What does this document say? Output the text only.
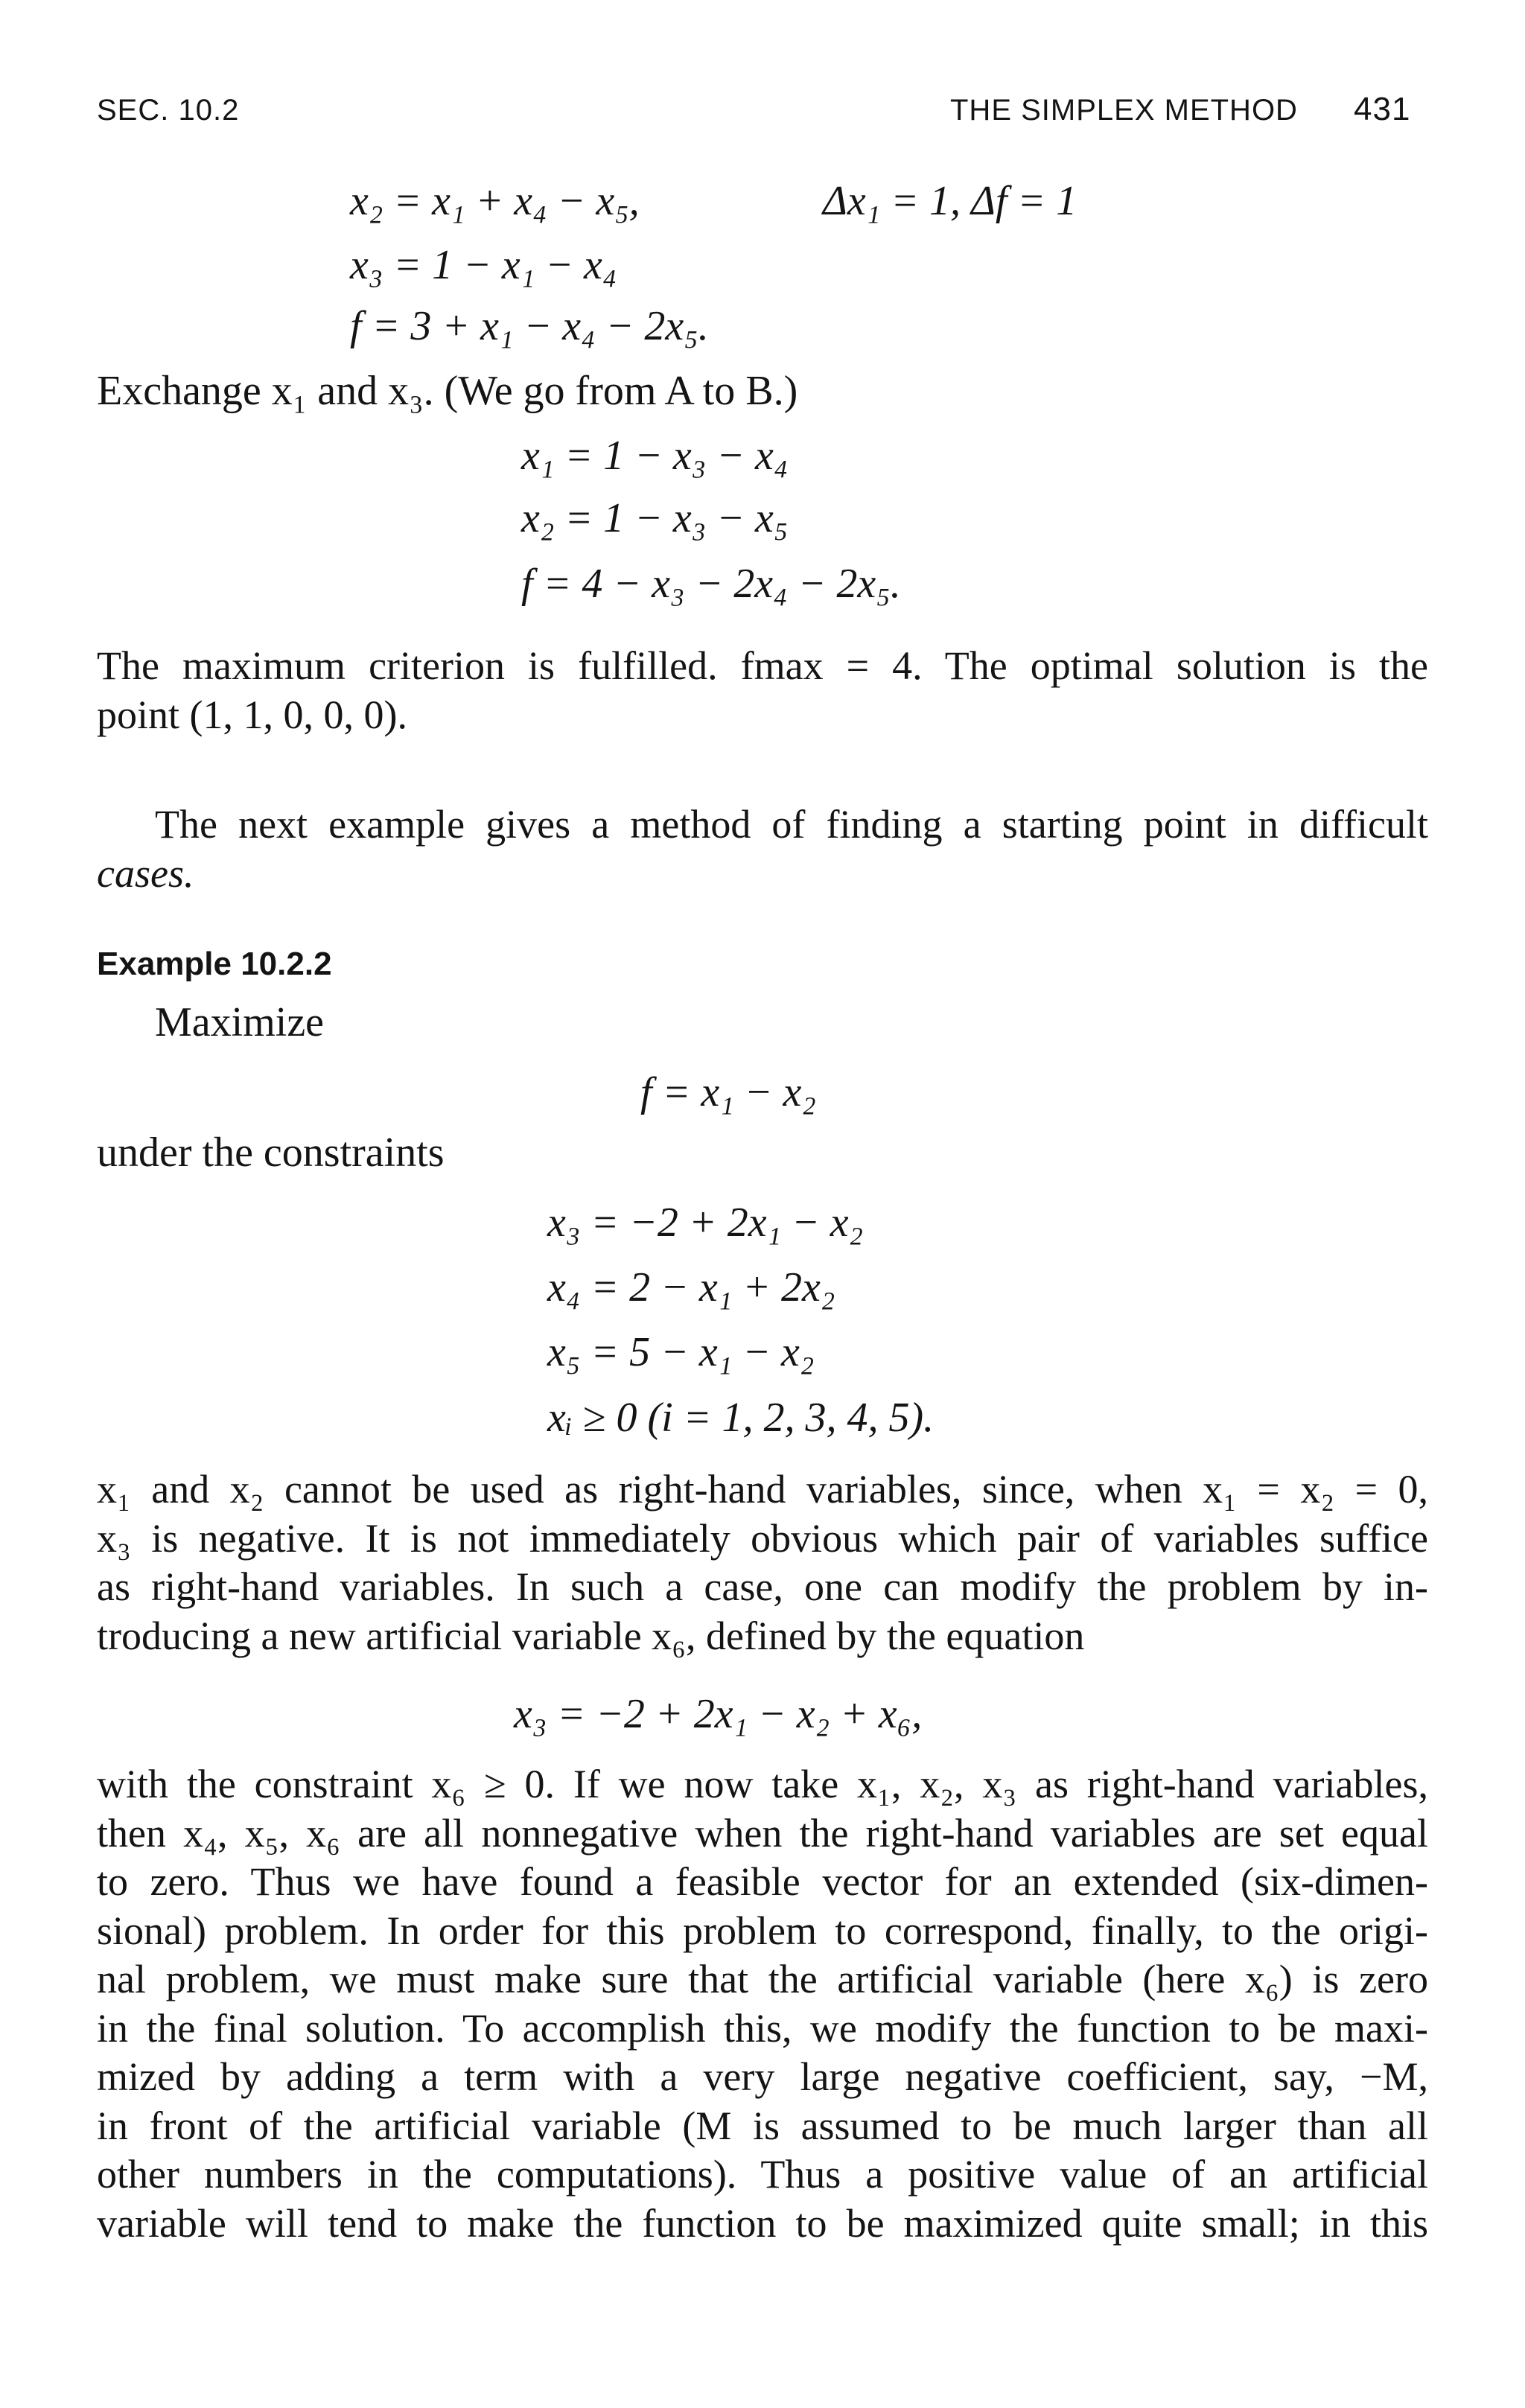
SEC. 10.2	THE SIMPLEX METHOD 431
x₂ = x₁ + x₄ − x₅,	Δx₁ = 1, Δf = 1
x₃ = 1 − x₁ − x₄
f = 3 + x₁ − x₄ − 2x₅.
Exchange x₁ and x₃. (We go from A to B.)
x₁ = 1 − x₃ − x₄
x₂ = 1 − x₃ − x₅
f = 4 − x₃ − 2x₄ − 2x₅.
The maximum criterion is fulfilled. fmax = 4. The optimal solution is the
point (1, 1, 0, 0, 0).
The next example gives a method of finding a starting point in difficult
cases.
Example 10.2.2
Maximize
f = x₁ − x₂
under the constraints
x₃ = −2 + 2x₁ − x₂
x₄ = 2 − x₁ + 2x₂
x₅ = 5 − x₁ − x₂
xᵢ ≥ 0 (i = 1, 2, 3, 4, 5).
x₁ and x₂ cannot be used as right-hand variables, since, when x₁ = x₂ = 0,
x₃ is negative. It is not immediately obvious which pair of variables suffice
as right-hand variables. In such a case, one can modify the problem by in-
troducing a new artificial variable x₆, defined by the equation
x₃ = −2 + 2x₁ − x₂ + x₆,
with the constraint x₆ ≥ 0. If we now take x₁, x₂, x₃ as right-hand variables,
then x₄, x₅, x₆ are all nonnegative when the right-hand variables are set equal
to zero. Thus we have found a feasible vector for an extended (six-dimen-
sional) problem. In order for this problem to correspond, finally, to the origi-
nal problem, we must make sure that the artificial variable (here x₆) is zero
in the final solution. To accomplish this, we modify the function to be maxi-
mized by adding a term with a very large negative coefficient, say, −M,
in front of the artificial variable (M is assumed to be much larger than all
other numbers in the computations). Thus a positive value of an artificial
variable will tend to make the function to be maximized quite small; in this
